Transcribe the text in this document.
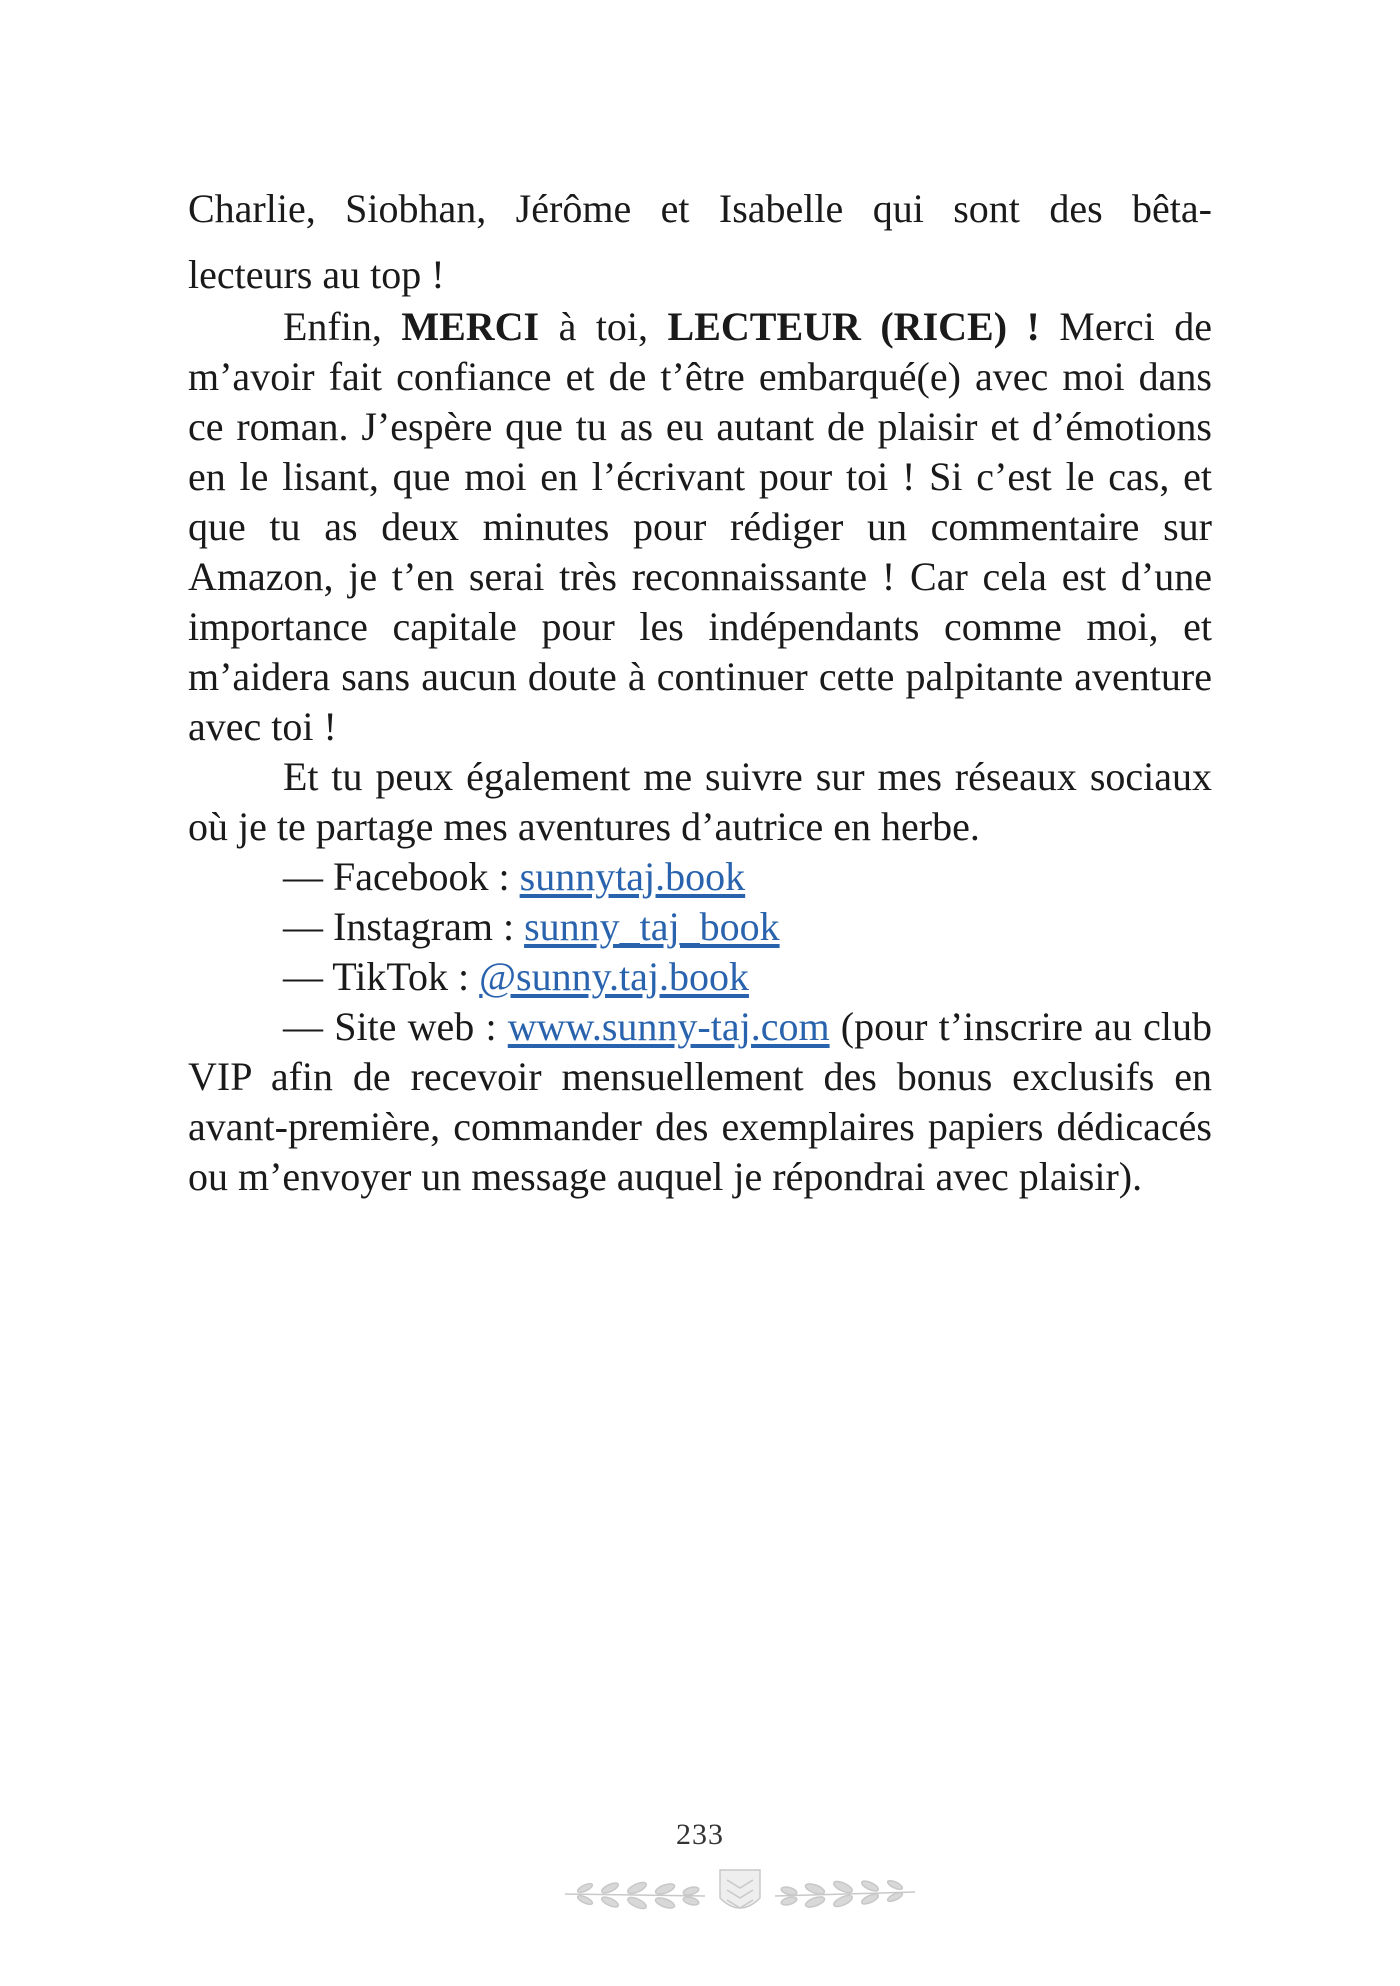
Charlie, Siobhan, Jérôme et Isabelle qui sont des bêta-
lecteurs au top !

Enfin, MERCI à toi, LECTEUR (RICE) ! Merci de m’avoir fait confiance et de t’être embarqué(e) avec moi dans ce roman. J’espère que tu as eu autant de plaisir et d’émotions en le lisant, que moi en l’écrivant pour toi ! Si c’est le cas, et que tu as deux minutes pour rédiger un commentaire sur Amazon, je t’en serai très reconnaissante ! Car cela est d’une importance capitale pour les indépendants comme moi, et m’aidera sans aucun doute à continuer cette palpitante aventure avec toi !

Et tu peux également me suivre sur mes réseaux sociaux où je te partage mes aventures d’autrice en herbe.

— Facebook : sunnytaj.book

— Instagram : sunny_taj_book

— TikTok : @sunny.taj.book

— Site web : www.sunny-taj.com (pour t’inscrire au club VIP afin de recevoir mensuellement des bonus exclusifs en avant-première, commander des exemplaires papiers dédicacés ou m’envoyer un message auquel je répondrai avec plaisir).

233
